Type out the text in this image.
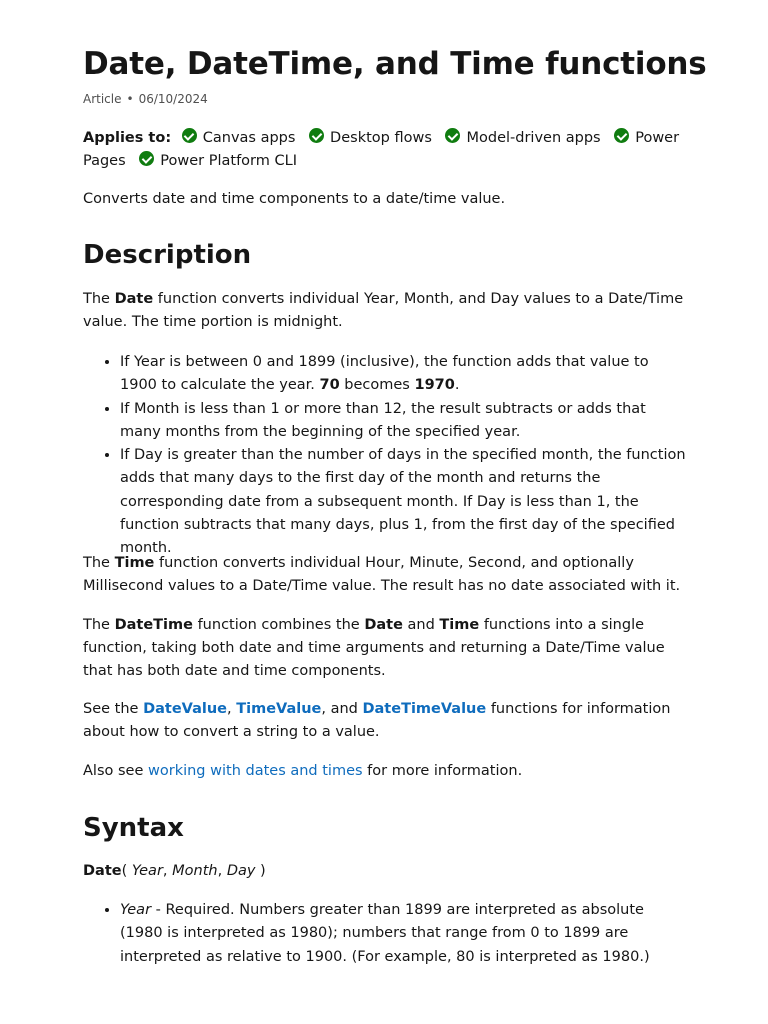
Date, DateTime, and Time functions
Article • 06/10/2024
Applies to: Canvas apps Desktop flows Model-driven apps Power Pages Power Platform CLI

Converts date and time components to a date/time value.

Description

The Date function converts individual Year, Month, and Day values to a Date/Time value. The time portion is midnight.

• If Year is between 0 and 1899 (inclusive), the function adds that value to 1900 to calculate the year. 70 becomes 1970.
• If Month is less than 1 or more than 12, the result subtracts or adds that many months from the beginning of the specified year.
• If Day is greater than the number of days in the specified month, the function adds that many days to the first day of the month and returns the corresponding date from a subsequent month. If Day is less than 1, the function subtracts that many days, plus 1, from the first day of the specified month.

The Time function converts individual Hour, Minute, Second, and optionally Millisecond values to a Date/Time value. The result has no date associated with it.

The DateTime function combines the Date and Time functions into a single function, taking both date and time arguments and returning a Date/Time value that has both date and time components.

See the DateValue, TimeValue, and DateTimeValue functions for information about how to convert a string to a value.

Also see working with dates and times for more information.

Syntax

Date( Year, Month, Day )

• Year - Required. Numbers greater than 1899 are interpreted as absolute (1980 is interpreted as 1980); numbers that range from 0 to 1899 are interpreted as relative to 1900. (For example, 80 is interpreted as 1980.)
